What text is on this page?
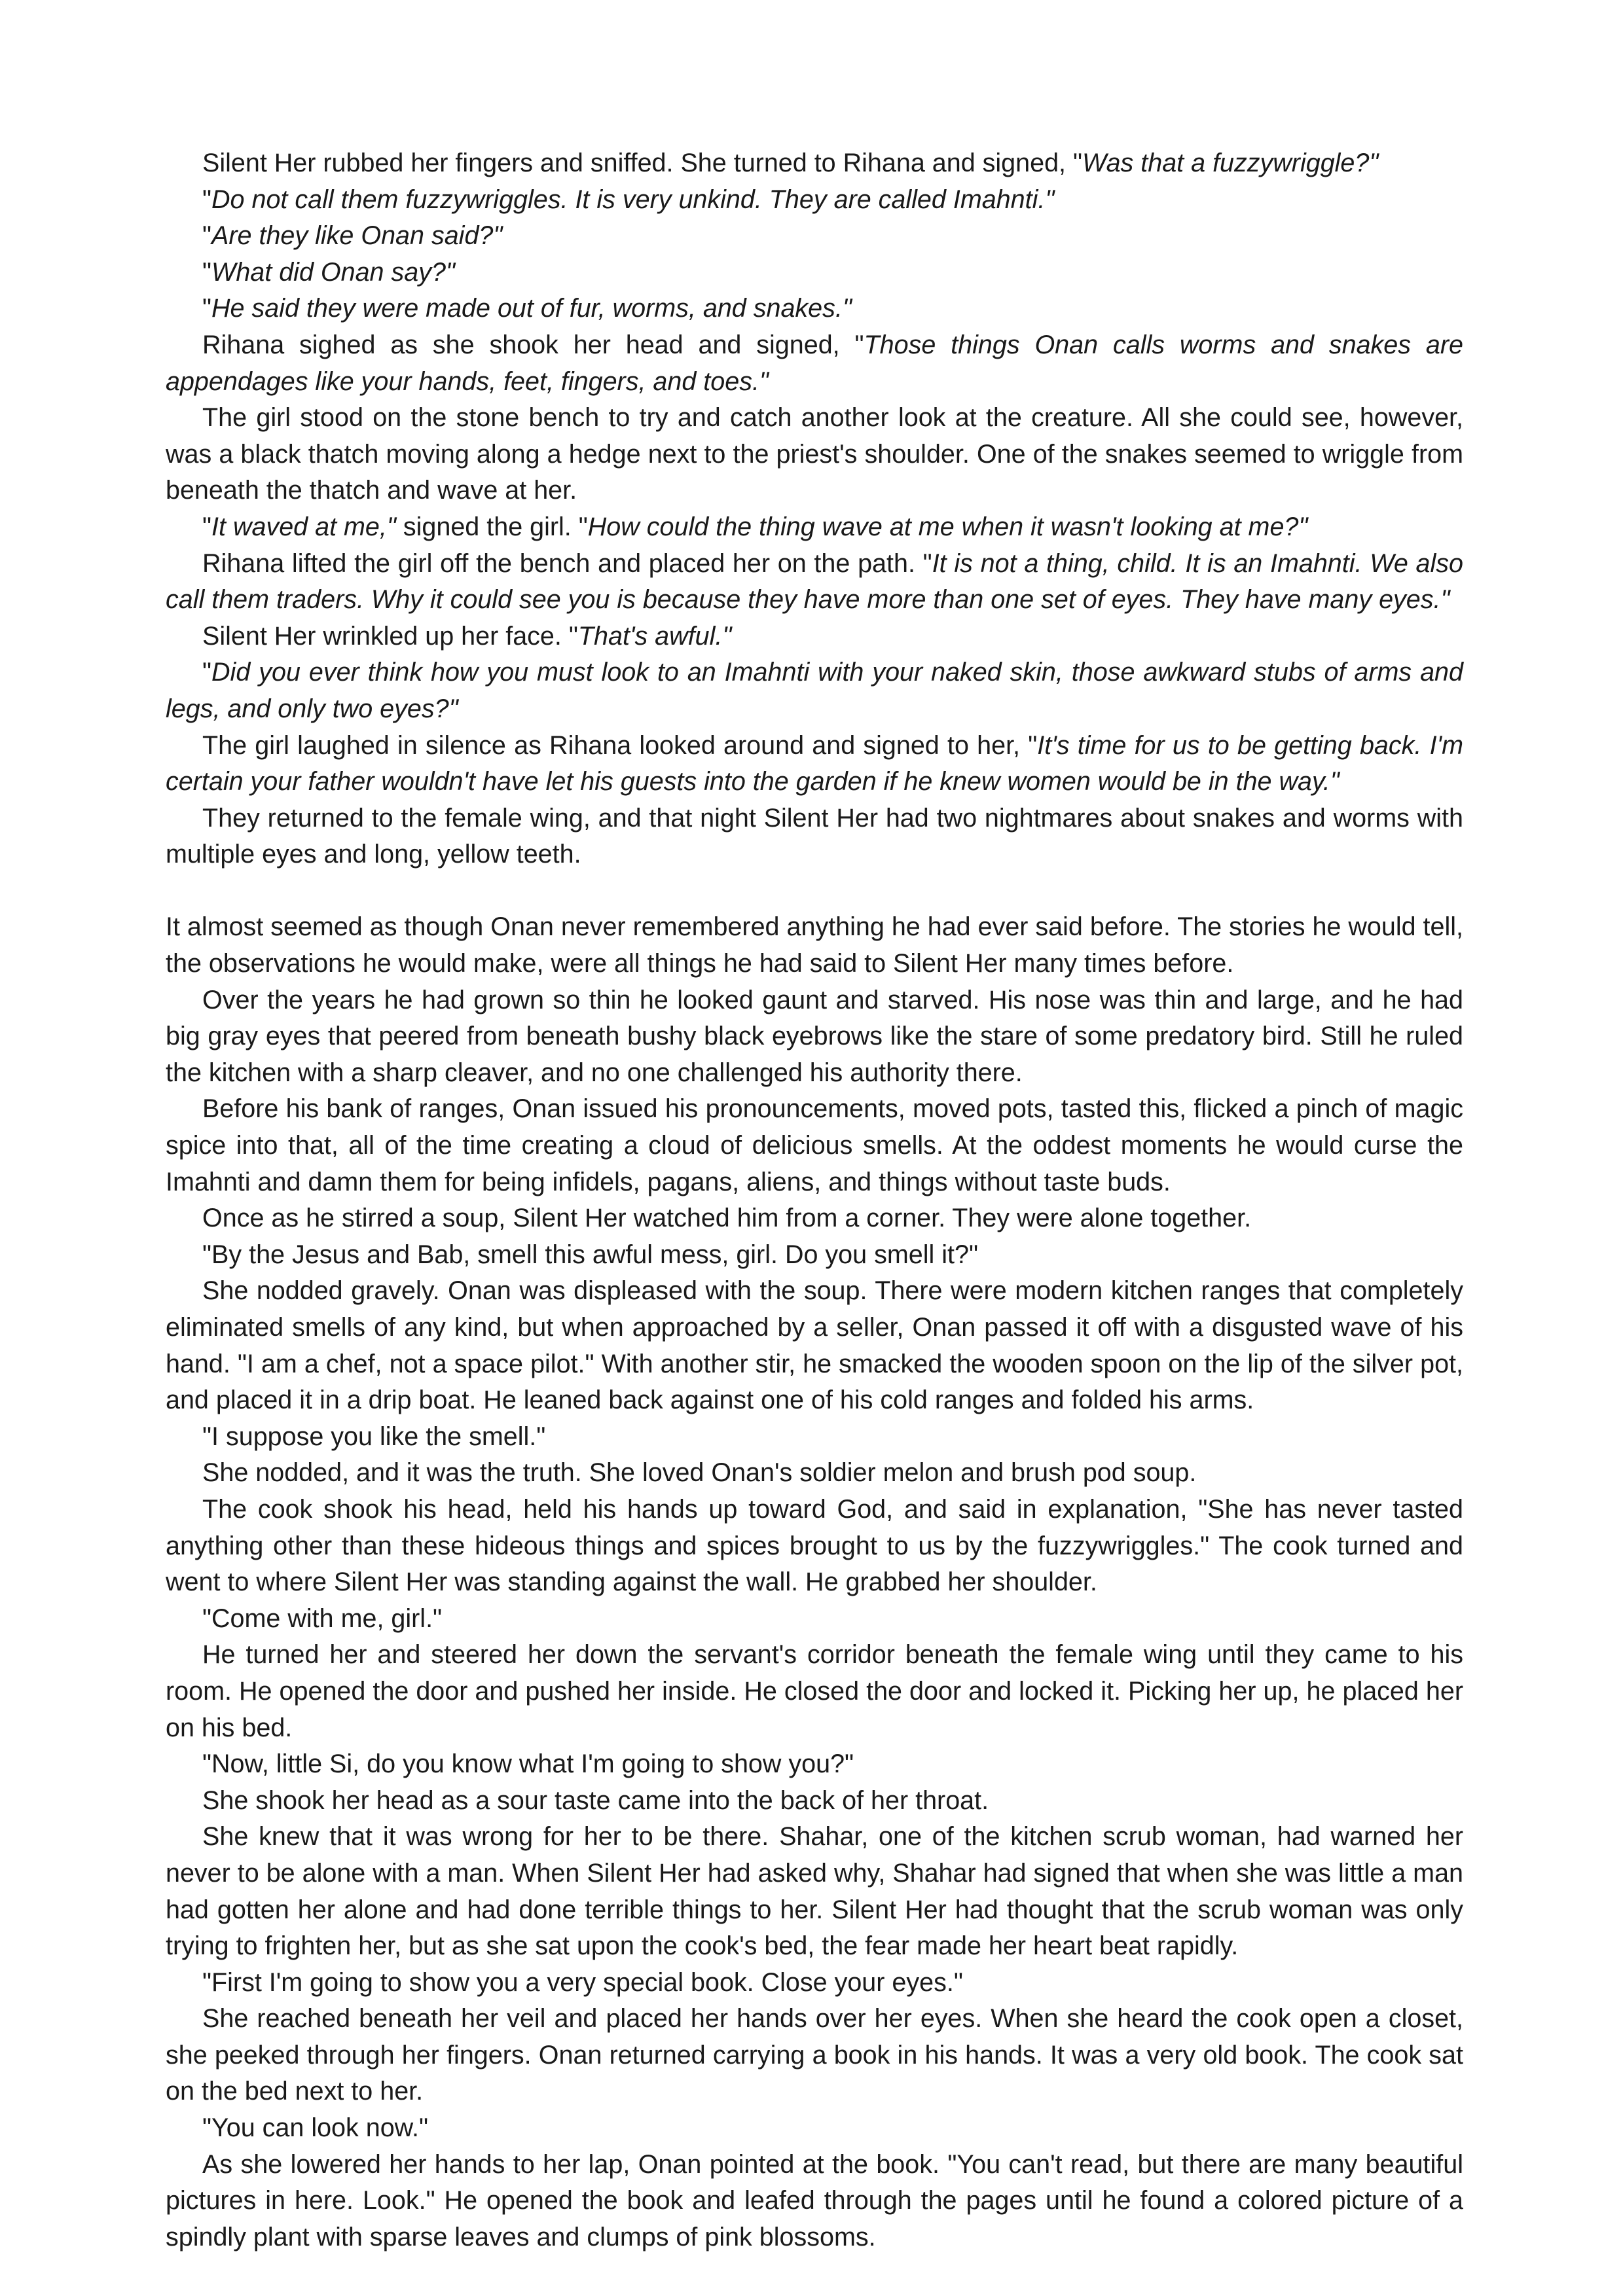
Silent Her rubbed her fingers and sniffed. She turned to Rihana and signed, "Was that a fuzzywriggle?"

"Do not call them fuzzywriggles. It is very unkind. They are called Imahnti."

"Are they like Onan said?"

"What did Onan say?"

"He said they were made out of fur, worms, and snakes."

Rihana sighed as she shook her head and signed, "Those things Onan calls worms and snakes are appendages like your hands, feet, fingers, and toes."

The girl stood on the stone bench to try and catch another look at the creature. All she could see, however, was a black thatch moving along a hedge next to the priest's shoulder. One of the snakes seemed to wriggle from beneath the thatch and wave at her.

"It waved at me," signed the girl. "How could the thing wave at me when it wasn't looking at me?"

Rihana lifted the girl off the bench and placed her on the path. "It is not a thing, child. It is an Imahnti. We also call them traders. Why it could see you is because they have more than one set of eyes. They have many eyes."

Silent Her wrinkled up her face. "That's awful."

"Did you ever think how you must look to an Imahnti with your naked skin, those awkward stubs of arms and legs, and only two eyes?"

The girl laughed in silence as Rihana looked around and signed to her, "It's time for us to be getting back. I'm certain your father wouldn't have let his guests into the garden if he knew women would be in the way."

They returned to the female wing, and that night Silent Her had two nightmares about snakes and worms with multiple eyes and long, yellow teeth.

It almost seemed as though Onan never remembered anything he had ever said before. The stories he would tell, the observations he would make, were all things he had said to Silent Her many times before.

Over the years he had grown so thin he looked gaunt and starved. His nose was thin and large, and he had big gray eyes that peered from beneath bushy black eyebrows like the stare of some predatory bird. Still he ruled the kitchen with a sharp cleaver, and no one challenged his authority there.

Before his bank of ranges, Onan issued his pronouncements, moved pots, tasted this, flicked a pinch of magic spice into that, all of the time creating a cloud of delicious smells. At the oddest moments he would curse the Imahnti and damn them for being infidels, pagans, aliens, and things without taste buds.

Once as he stirred a soup, Silent Her watched him from a corner. They were alone together.

"By the Jesus and Bab, smell this awful mess, girl. Do you smell it?"

She nodded gravely. Onan was displeased with the soup. There were modern kitchen ranges that completely eliminated smells of any kind, but when approached by a seller, Onan passed it off with a disgusted wave of his hand. "I am a chef, not a space pilot." With another stir, he smacked the wooden spoon on the lip of the silver pot, and placed it in a drip boat. He leaned back against one of his cold ranges and folded his arms.

"I suppose you like the smell."

She nodded, and it was the truth. She loved Onan's soldier melon and brush pod soup.

The cook shook his head, held his hands up toward God, and said in explanation, "She has never tasted anything other than these hideous things and spices brought to us by the fuzzywriggles." The cook turned and went to where Silent Her was standing against the wall. He grabbed her shoulder.

"Come with me, girl."

He turned her and steered her down the servant's corridor beneath the female wing until they came to his room. He opened the door and pushed her inside. He closed the door and locked it. Picking her up, he placed her on his bed.

"Now, little Si, do you know what I'm going to show you?"

She shook her head as a sour taste came into the back of her throat.

She knew that it was wrong for her to be there. Shahar, one of the kitchen scrub woman, had warned her never to be alone with a man. When Silent Her had asked why, Shahar had signed that when she was little a man had gotten her alone and had done terrible things to her. Silent Her had thought that the scrub woman was only trying to frighten her, but as she sat upon the cook's bed, the fear made her heart beat rapidly.

"First I'm going to show you a very special book. Close your eyes."

She reached beneath her veil and placed her hands over her eyes. When she heard the cook open a closet, she peeked through her fingers. Onan returned carrying a book in his hands. It was a very old book. The cook sat on the bed next to her.

"You can look now."

As she lowered her hands to her lap, Onan pointed at the book. "You can't read, but there are many beautiful pictures in here. Look." He opened the book and leafed through the pages until he found a colored picture of a spindly plant with sparse leaves and clumps of pink blossoms.
